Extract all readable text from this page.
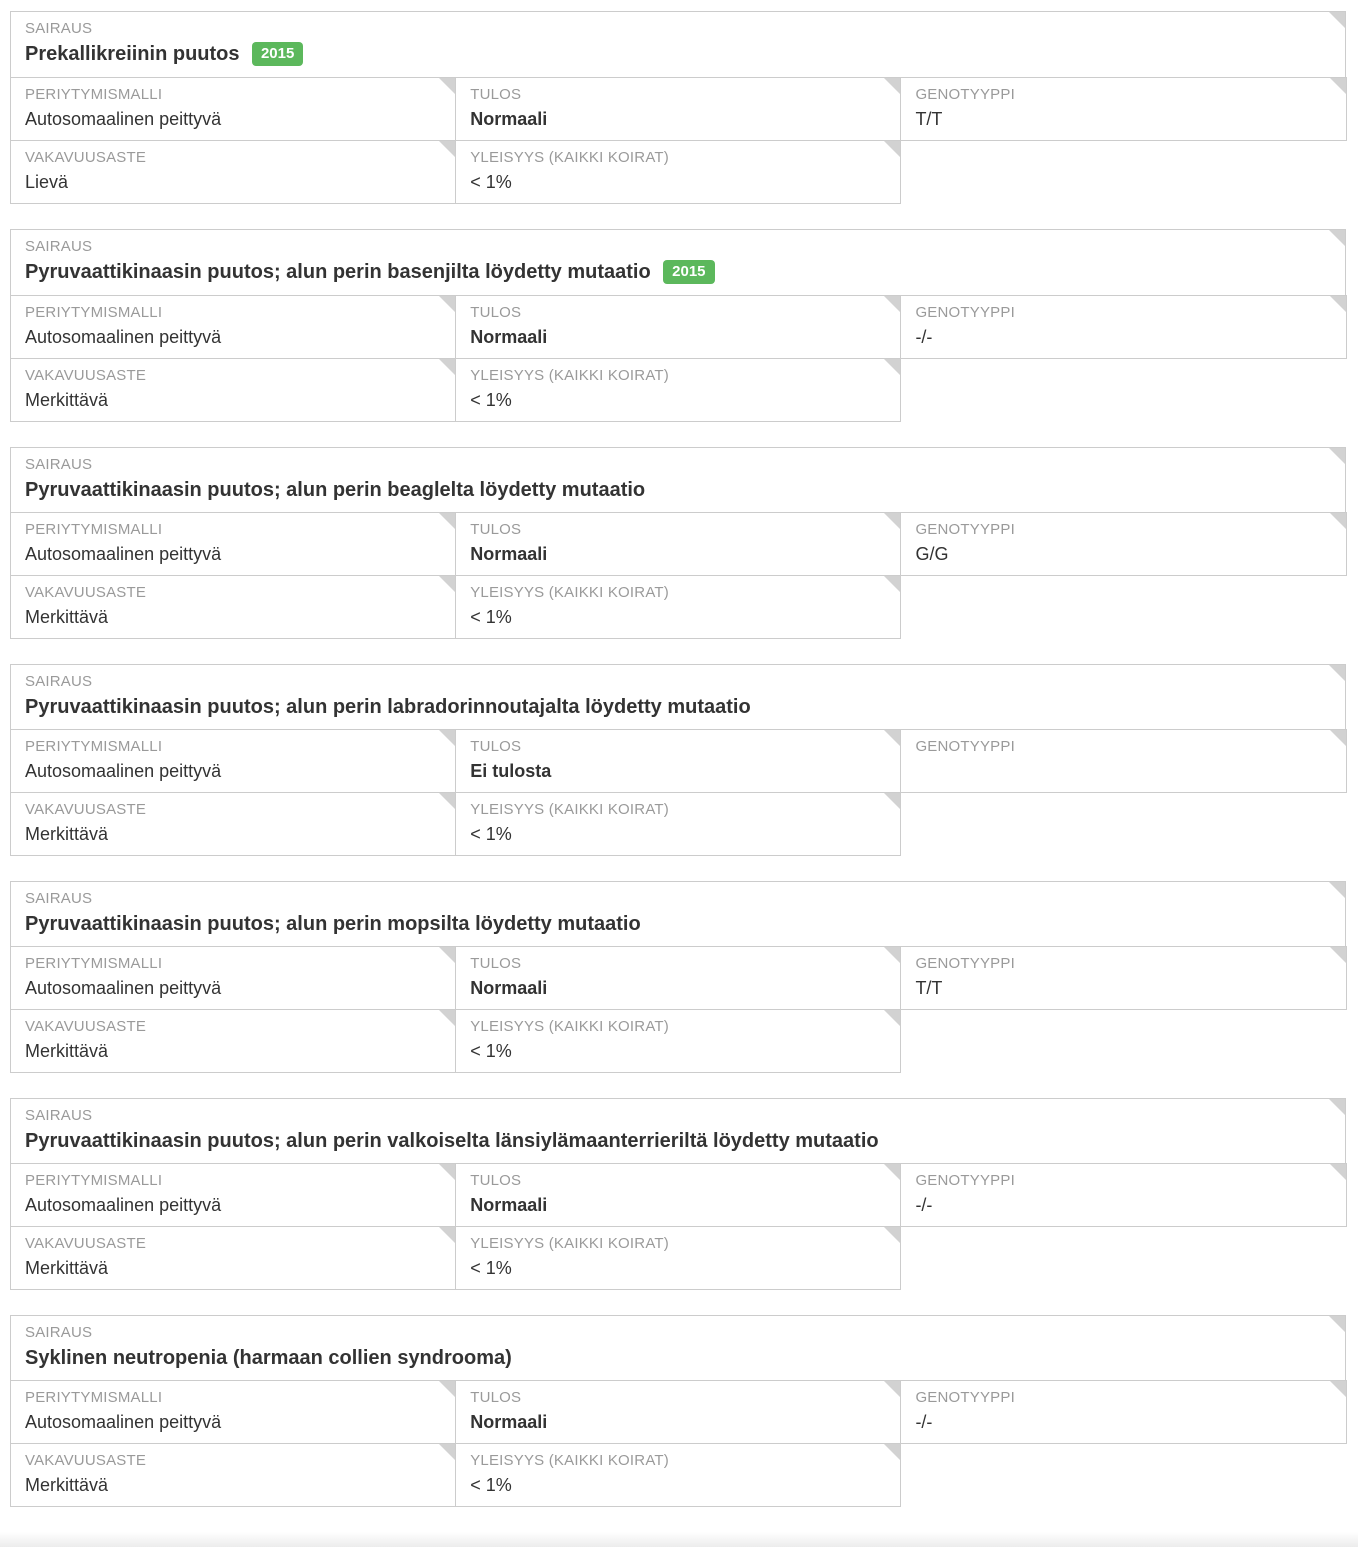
SAIRAUS
Prekallikreiinin puutos 2015
PERIYTYMISMALLI
Autosomaalinen peittyvä
TULOS
Normaali
GENOTYYPPI
T/T
VAKAVUUSASTE
Lievä
YLEISYYS (KAIKKI KOIRAT)
< 1%
SAIRAUS
Pyruvaattikinaasin puutos; alun perin basenjilta löydetty mutaatio 2015
PERIYTYMISMALLI
Autosomaalinen peittyvä
TULOS
Normaali
GENOTYYPPI
-/-
VAKAVUUSASTE
Merkittävä
YLEISYYS (KAIKKI KOIRAT)
< 1%
SAIRAUS
Pyruvaattikinaasin puutos; alun perin beaglelta löydetty mutaatio
PERIYTYMISMALLI
Autosomaalinen peittyvä
TULOS
Normaali
GENOTYYPPI
G/G
VAKAVUUSASTE
Merkittävä
YLEISYYS (KAIKKI KOIRAT)
< 1%
SAIRAUS
Pyruvaattikinaasin puutos; alun perin labradorinnoutajalta löydetty mutaatio
PERIYTYMISMALLI
Autosomaalinen peittyvä
TULOS
Ei tulosta
GENOTYYPPI
VAKAVUUSASTE
Merkittävä
YLEISYYS (KAIKKI KOIRAT)
< 1%
SAIRAUS
Pyruvaattikinaasin puutos; alun perin mopsilta löydetty mutaatio
PERIYTYMISMALLI
Autosomaalinen peittyvä
TULOS
Normaali
GENOTYYPPI
T/T
VAKAVUUSASTE
Merkittävä
YLEISYYS (KAIKKI KOIRAT)
< 1%
SAIRAUS
Pyruvaattikinaasin puutos; alun perin valkoiselta länsiylämaanterrieriltä löydetty mutaatio
PERIYTYMISMALLI
Autosomaalinen peittyvä
TULOS
Normaali
GENOTYYPPI
-/-
VAKAVUUSASTE
Merkittävä
YLEISYYS (KAIKKI KOIRAT)
< 1%
SAIRAUS
Syklinen neutropenia (harmaan collien syndrooma)
PERIYTYMISMALLI
Autosomaalinen peittyvä
TULOS
Normaali
GENOTYYPPI
-/-
VAKAVUUSASTE
Merkittävä
YLEISYYS (KAIKKI KOIRAT)
< 1%
